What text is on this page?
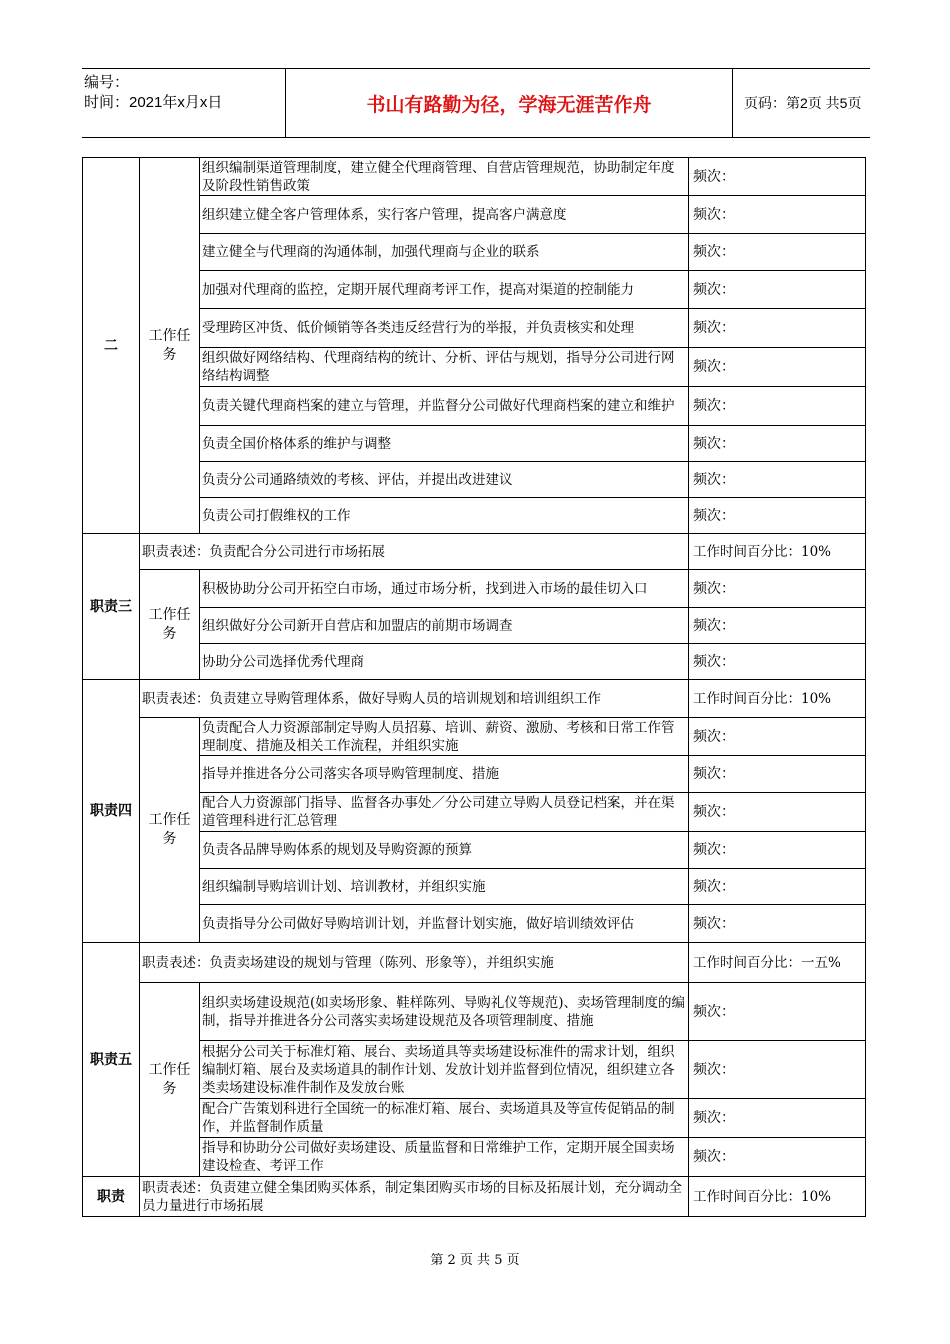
编号：
时间：2021年x月x日	书山有路勤为径，学海无涯苦作舟	页码：第2页 共5页
二	工作任务	组织编制渠道管理制度，建立健全代理商管理、自营店管理规范，协助制定年度及阶段性销售政策	频次：
		组织建立健全客户管理体系，实行客户管理，提高客户满意度	频次：
		建立健全与代理商的沟通体制，加强代理商与企业的联系	频次：
		加强对代理商的监控，定期开展代理商考评工作，提高对渠道的控制能力	频次：
		受理跨区冲货、低价倾销等各类违反经营行为的举报，并负责核实和处理	频次：
		组织做好网络结构、代理商结构的统计、分析、评估与规划，指导分公司进行网络结构调整	频次：
		负责关键代理商档案的建立与管理，并监督分公司做好代理商档案的建立和维护	频次：
		负责全国价格体系的维护与调整	频次：
		负责分公司通路绩效的考核、评估，并提出改进建议	频次：
		负责公司打假维权的工作	频次：
职责三	职责表述：负责配合分公司进行市场拓展		工作时间百分比：10%
	工作任务	积极协助分公司开拓空白市场，通过市场分析，找到进入市场的最佳切入口	频次：
		组织做好分公司新开自营店和加盟店的前期市场调查	频次：
		协助分公司选择优秀代理商	频次：
职责四	职责表述：负责建立导购管理体系，做好导购人员的培训规划和培训组织工作		工作时间百分比：10%
	工作任务	负责配合人力资源部制定导购人员招募、培训、薪资、激励、考核和日常工作管理制度、措施及相关工作流程，并组织实施	频次：
		指导并推进各分公司落实各项导购管理制度、措施	频次：
		配合人力资源部门指导、监督各办事处／分公司建立导购人员登记档案，并在渠道管理科进行汇总管理	频次：
		负责各品牌导购体系的规划及导购资源的预算	频次：
		组织编制导购培训计划、培训教材，并组织实施	频次：
		负责指导分公司做好导购培训计划，并监督计划实施，做好培训绩效评估	频次：
职责五	职责表述：负责卖场建设的规划与管理（陈列、形象等），并组织实施		工作时间百分比：一五%
	工作任务	组织卖场建设规范(如卖场形象、鞋样陈列、导购礼仪等规范)、卖场管理制度的编制，指导并推进各分公司落实卖场建设规范及各项管理制度、措施	频次：
		根据分公司关于标准灯箱、展台、卖场道具等卖场建设标准件的需求计划，组织编制灯箱、展台及卖场道具的制作计划、发放计划并监督到位情况，组织建立各类卖场建设标准件制作及发放台账	频次：
		配合广告策划科进行全国统一的标准灯箱、展台、卖场道具及等宣传促销品的制作，并监督制作质量	频次：
		指导和协助分公司做好卖场建设、质量监督和日常维护工作，定期开展全国卖场建设检查、考评工作	频次：
职责	职责表述：负责建立健全集团购买体系，制定集团购买市场的目标及拓展计划，充分调动全员力量进行市场拓展		工作时间百分比：10%
第 2 页 共 5 页
